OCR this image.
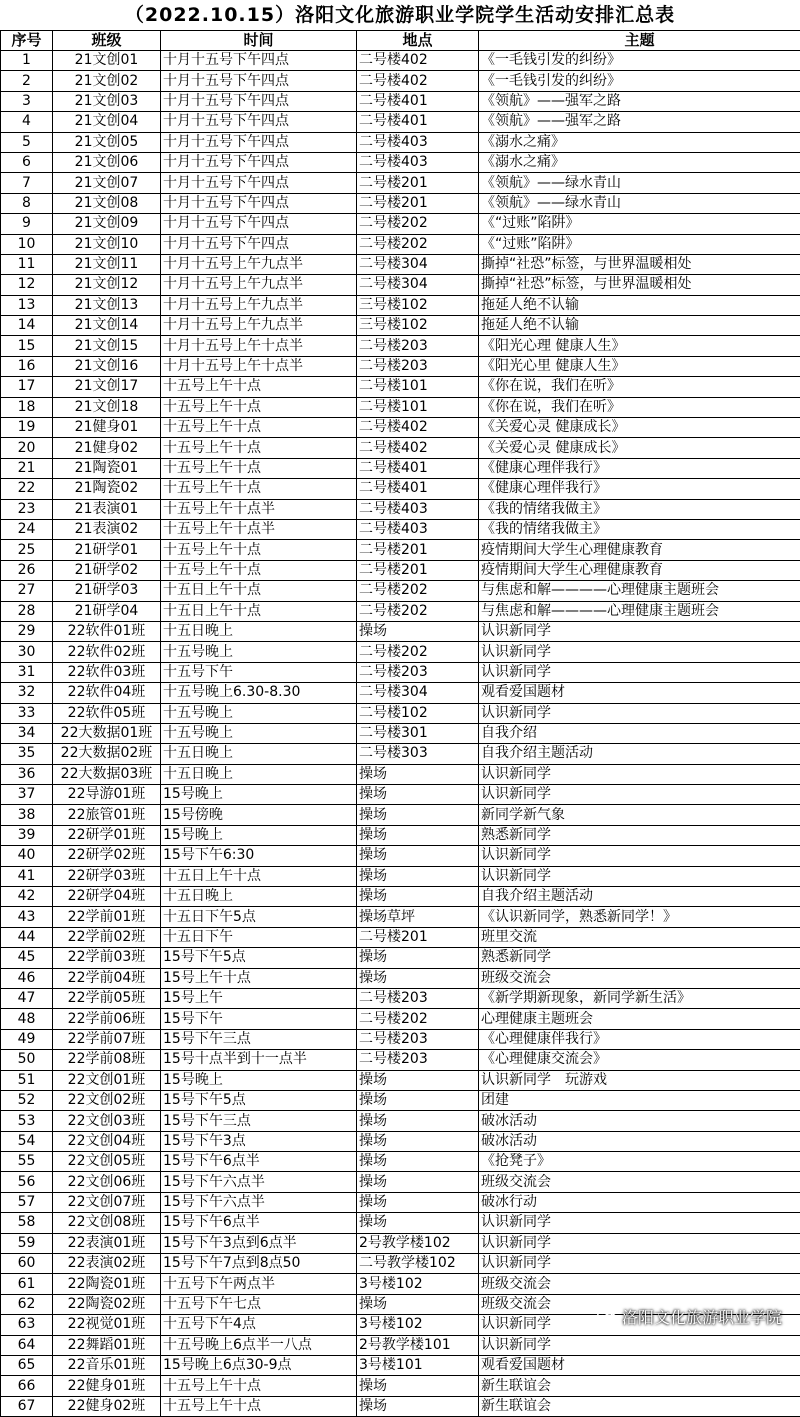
（2022.10.15）洛阳文化旅游职业学院学生活动安排汇总表
序号	班级	时间	地点	主题
1	21文创01	十月十五号下午四点	二号楼402	《一毛钱引发的纠纷》
2	21文创02	十月十五号下午四点	二号楼402	《一毛钱引发的纠纷》
3	21文创03	十月十五号下午四点	二号楼401	《领航》——强军之路
4	21文创04	十月十五号下午四点	二号楼401	《领航》——强军之路
5	21文创05	十月十五号下午四点	二号楼403	《溺水之痛》
6	21文创06	十月十五号下午四点	二号楼403	《溺水之痛》
7	21文创07	十月十五号下午四点	二号楼201	《领航》——绿水青山
8	21文创08	十月十五号下午四点	二号楼201	《领航》——绿水青山
9	21文创09	十月十五号下午四点	二号楼202	《“过账”陷阱》
10	21文创10	十月十五号下午四点	二号楼202	《“过账”陷阱》
11	21文创11	十月十五号上午九点半	二号楼304	撕掉“社恐”标签，与世界温暖相处
12	21文创12	十月十五号上午九点半	二号楼304	撕掉“社恐”标签，与世界温暖相处
13	21文创13	十月十五号上午九点半	三号楼102	拖延人绝不认输
14	21文创14	十月十五号上午九点半	三号楼102	拖延人绝不认输
15	21文创15	十月十五号上午十点半	二号楼203	《阳光心理 健康人生》
16	21文创16	十月十五号上午十点半	二号楼203	《阳光心里 健康人生》
17	21文创17	十五号上午十点	二号楼101	《你在说，我们在听》
18	21文创18	十五号上午十点	二号楼101	《你在说，我们在听》
19	21健身01	十五号上午十点	二号楼402	《关爱心灵 健康成长》
20	21健身02	十五号上午十点	二号楼402	《关爱心灵 健康成长》
21	21陶瓷01	十五号上午十点	二号楼401	《健康心理伴我行》
22	21陶瓷02	十五号上午十点	二号楼401	《健康心理伴我行》
23	21表演01	十五号上午十点半	二号楼403	《我的情绪我做主》
24	21表演02	十五号上午十点半	二号楼403	《我的情绪我做主》
25	21研学01	十五号上午十点	二号楼201	疫情期间大学生心理健康教育
26	21研学02	十五号上午十点	二号楼201	疫情期间大学生心理健康教育
27	21研学03	十五日上午十点	二号楼202	与焦虑和解————心理健康主题班会
28	21研学04	十五日上午十点	二号楼202	与焦虑和解————心理健康主题班会
29	22软件01班	十五日晚上	操场	认识新同学
30	22软件02班	十五号晚上	二号楼202	认识新同学
31	22软件03班	十五号下午	二号楼203	认识新同学
32	22软件04班	十五号晚上6.30-8.30	二号楼304	观看爱国题材
33	22软件05班	十五号晚上	二号楼102	认识新同学
34	22大数据01班	十五号晚上	二号楼301	自我介绍
35	22大数据02班	十五日晚上	二号楼303	自我介绍主题活动
36	22大数据03班	十五日晚上	操场	认识新同学
37	22导游01班	15号晚上	操场	认识新同学
38	22旅管01班	15号傍晚	操场	新同学新气象
39	22研学01班	15号晚上	操场	熟悉新同学
40	22研学02班	15号下午6:30	操场	认识新同学
41	22研学03班	十五日上午十点	操场	认识新同学
42	22研学04班	十五日晚上	操场	自我介绍主题活动
43	22学前01班	十五日下午5点	操场草坪	《认识新同学，熟悉新同学！》
44	22学前02班	十五日下午	二号楼201	班里交流
45	22学前03班	15号下午5点	操场	熟悉新同学
46	22学前04班	15号上午十点	操场	班级交流会
47	22学前05班	15号上午	二号楼203	《新学期新现象，新同学新生活》
48	22学前06班	15号下午	二号楼202	心理健康主题班会
49	22学前07班	15号下午三点	二号楼203	《心理健康伴我行》
50	22学前08班	15号十点半到十一点半	二号楼203	《心理健康交流会》
51	22文创01班	15号晚上	操场	认识新同学　玩游戏
52	22文创02班	15号下午5点	操场	团建
53	22文创03班	15号下午三点	操场	破冰活动
54	22文创04班	15号下午3点	操场	破冰活动
55	22文创05班	15号下午6点半	操场	《抢凳子》
56	22文创06班	15号下午六点半	操场	班级交流会
57	22文创07班	15号下午六点半	操场	破冰行动
58	22文创08班	15号下午6点半	操场	认识新同学
59	22表演01班	15号下午3点到6点半	2号教学楼102	认识新同学
60	22表演02班	15号下午7点到8点50	二号教学楼102	认识新同学
61	22陶瓷01班	十五号下午两点半	3号楼102	班级交流会
62	22陶瓷02班	十五号下午七点	操场	班级交流会
63	22视觉01班	十五号下午4点	3号楼102	认识新同学
64	22舞蹈01班	十五号晚上6点半一八点	2号教学楼101	认识新同学
65	22音乐01班	15号晚上6点30-9点	3号楼101	观看爱国题材
66	22健身01班	十五号上午十点	操场	新生联谊会
67	22健身02班	十五号上午十点	操场	新生联谊会
洛阳文化旅游职业学院
